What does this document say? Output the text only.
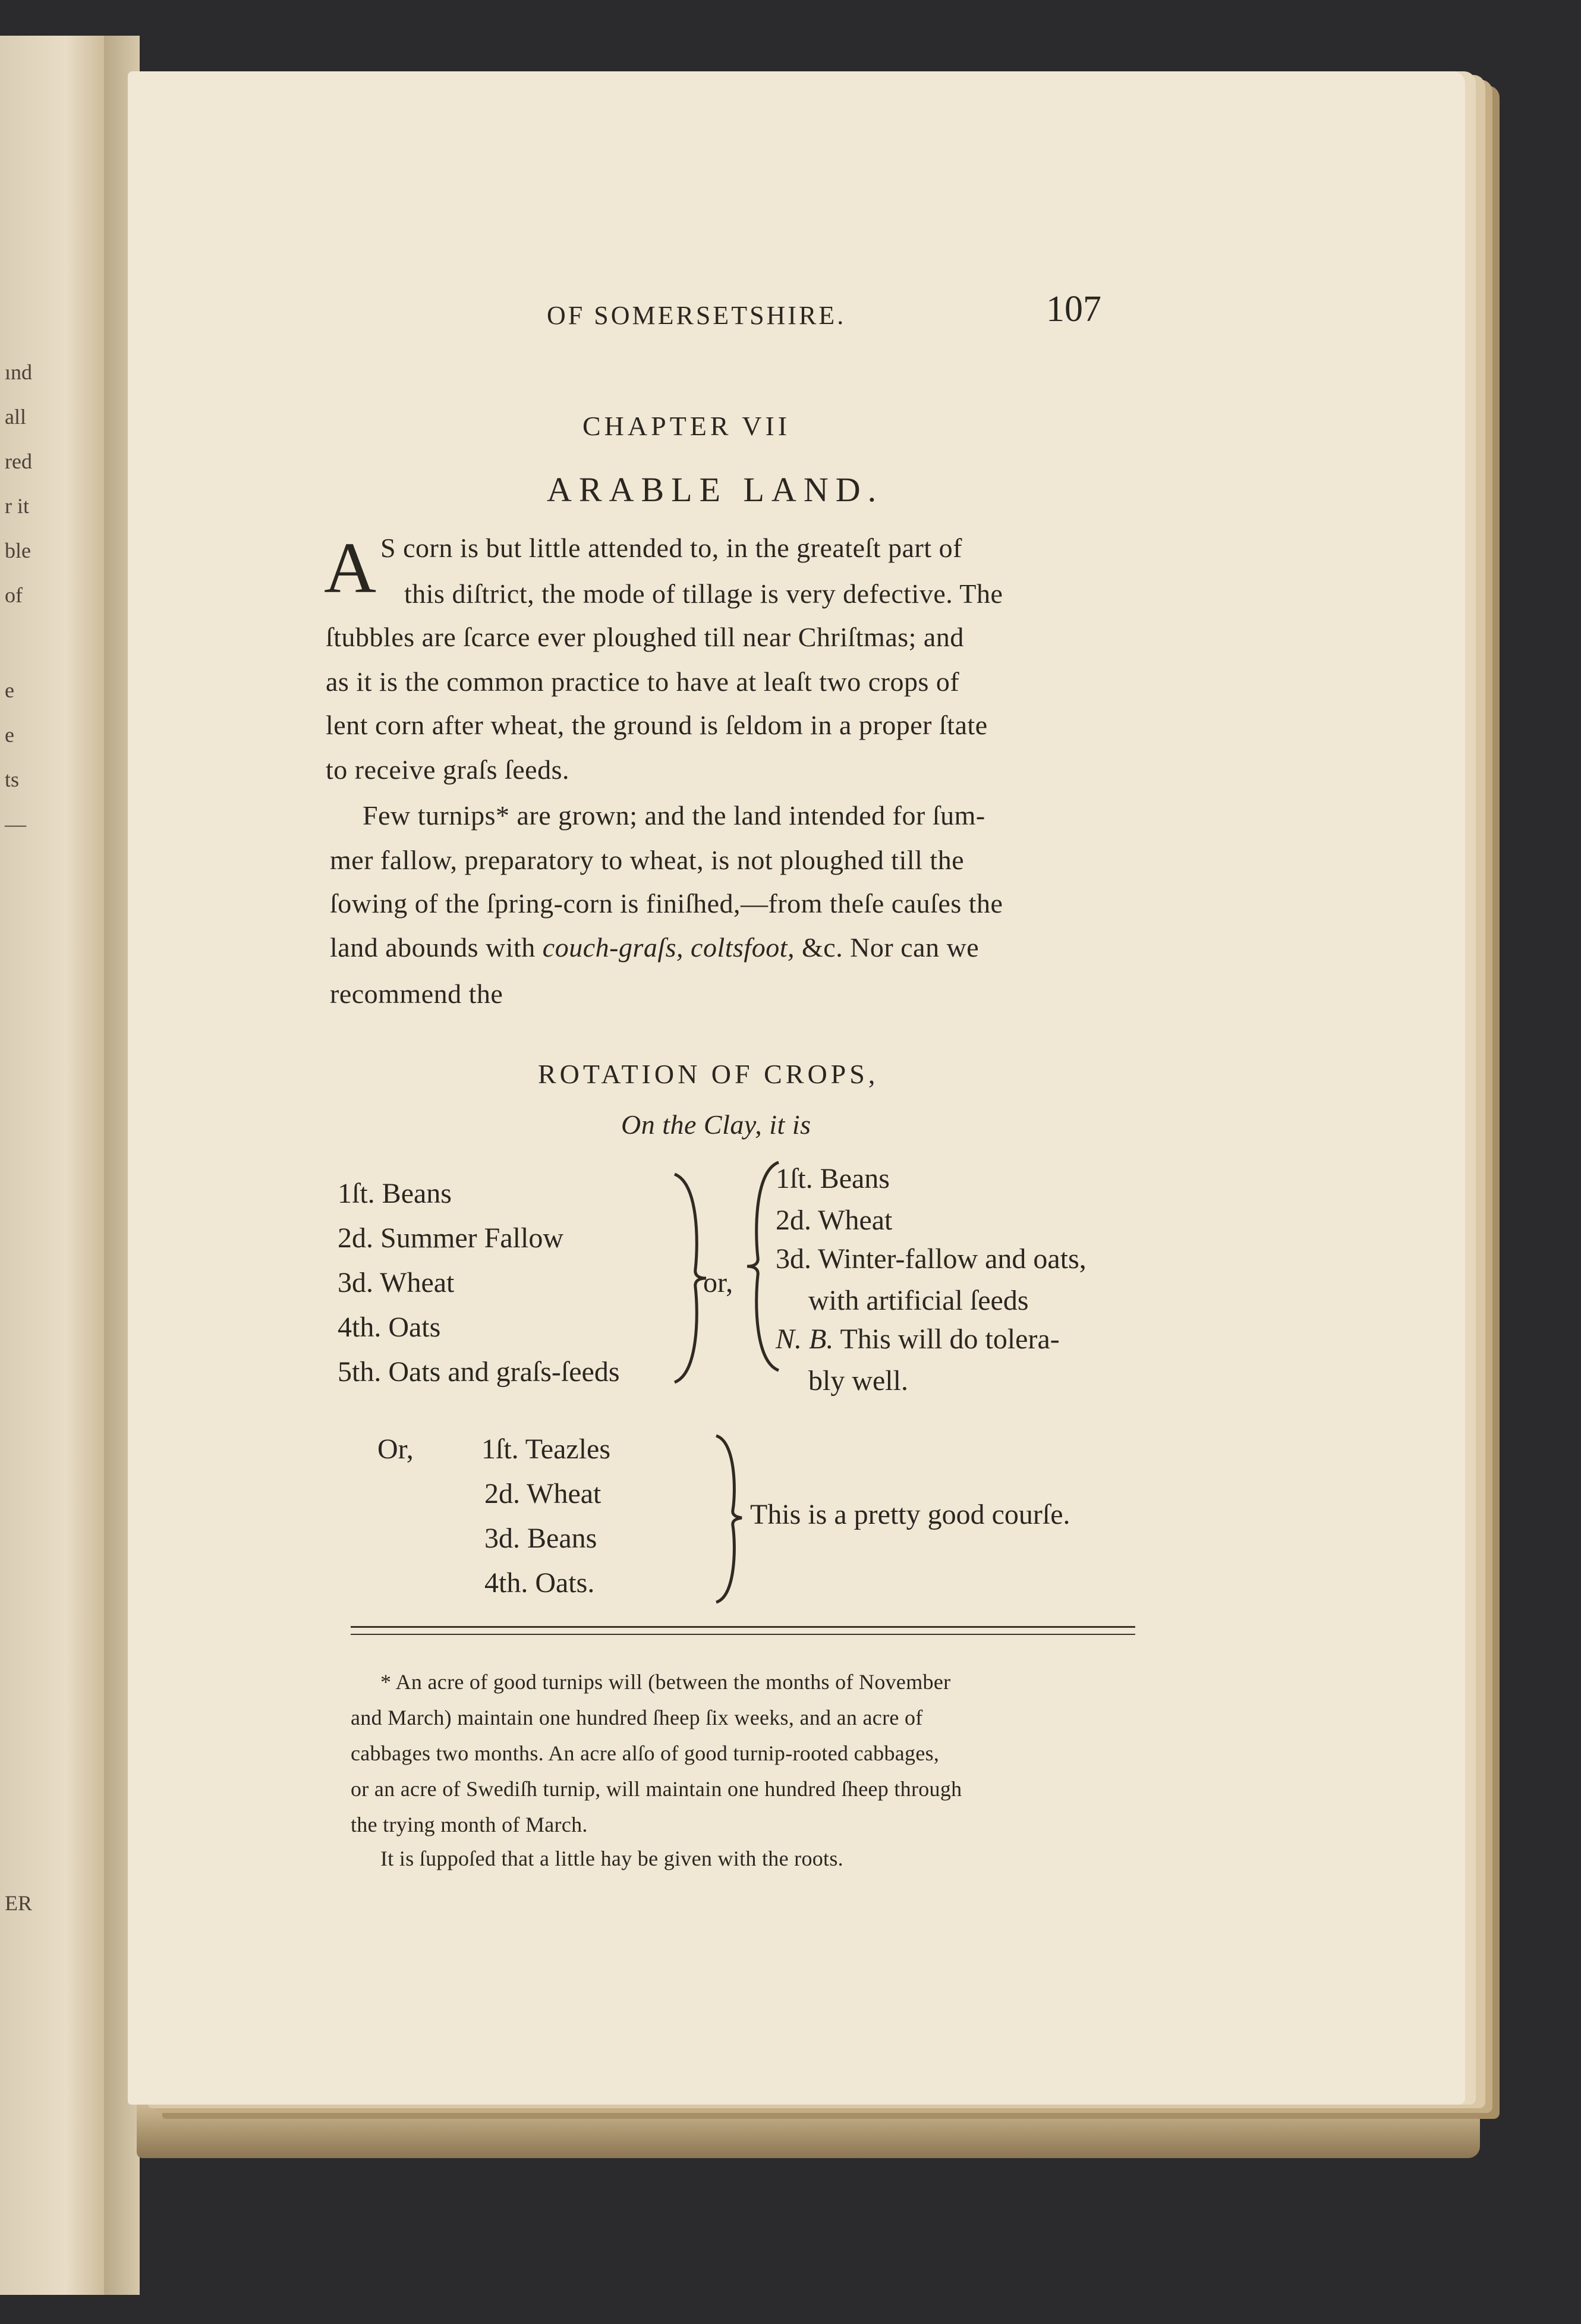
ınd
all
red
r it
ble
of
e
e
ts
—
ER
OF SOMERSETSHIRE.	107
CHAPTER VII
ARABLE LAND.
A S corn is but little attended to, in the greateſt part of
this diſtrict, the mode of tillage is very defective. The
ſtubbles are ſcarce ever ploughed till near Chriſtmas; and
as it is the common practice to have at leaſt two crops of
lent corn after wheat, the ground is ſeldom in a proper ſtate
to receive graſs ſeeds.
Few turnips* are grown; and the land intended for ſum-
mer fallow, preparatory to wheat, is not ploughed till the
ſowing of the ſpring-corn is finiſhed,—from theſe cauſes the
land abounds with couch-graſs, coltsfoot, &c. Nor can we
recommend the
ROTATION OF CROPS,
On the Clay, it is
1ſt. Beans
2d. Summer Fallow
3d. Wheat
4th. Oats
5th. Oats and graſs-ſeeds
or,
1ſt. Beans
2d. Wheat
3d. Winter-fallow and oats,
with artificial ſeeds
N. B. This will do tolera-
bly well.
Or, 1ſt. Teazles
2d. Wheat
3d. Beans
4th. Oats.
This is a pretty good courſe.
* An acre of good turnips will (between the months of November
and March) maintain one hundred ſheep ſix weeks, and an acre of
cabbages two months. An acre alſo of good turnip-rooted cabbages,
or an acre of Swediſh turnip, will maintain one hundred ſheep through
the trying month of March.
It is ſuppoſed that a little hay be given with the roots.
